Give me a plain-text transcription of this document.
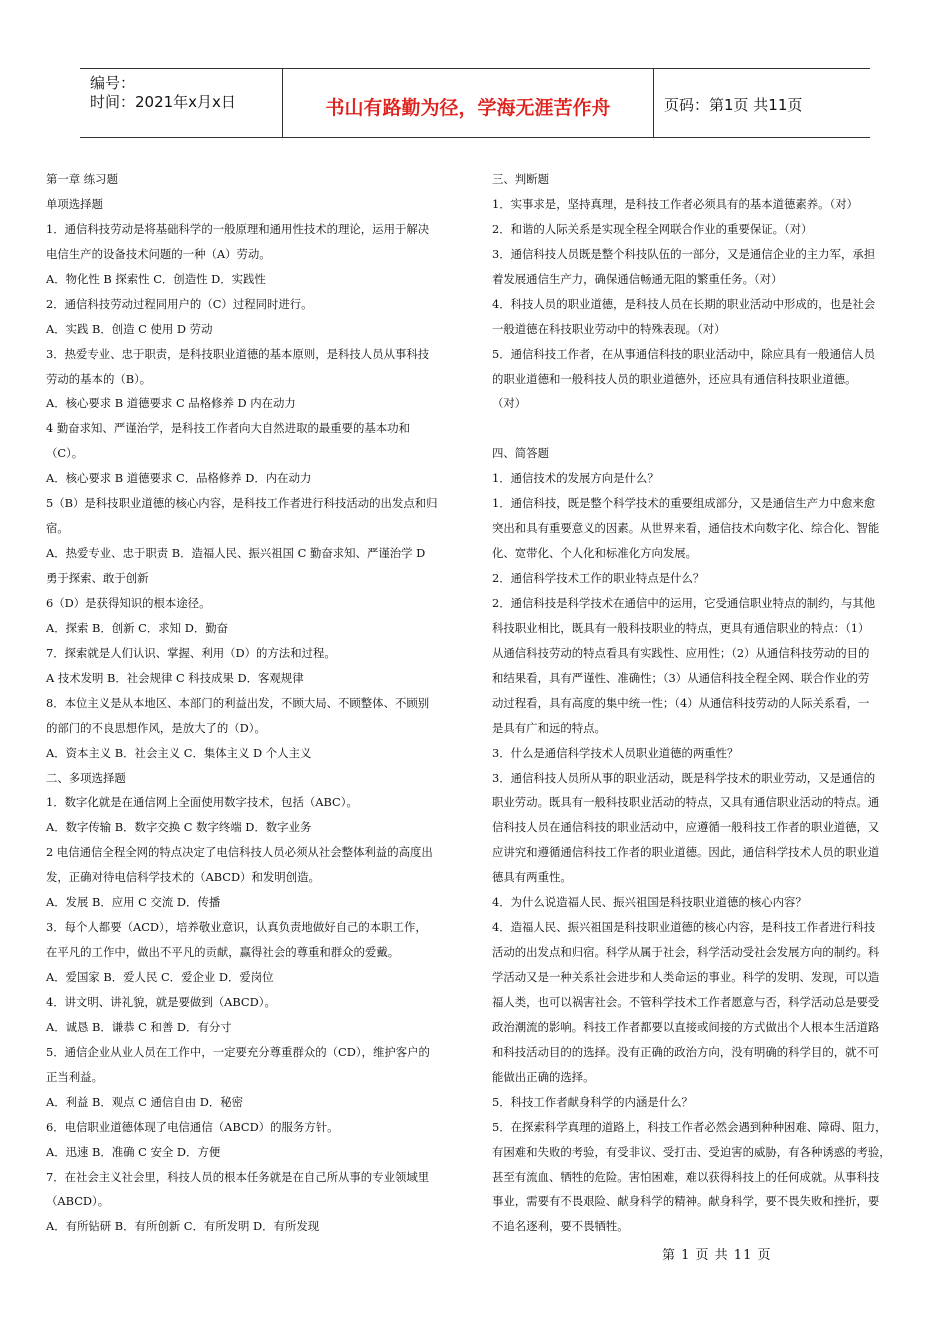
编号：
时间：2021年x月x日	书山有路勤为径，学海无涯苦作舟	页码：第1页 共11页
第一章 练习题
单项选择题
1．通信科技劳动是将基础科学的一般原理和通用性技术的理论，运用于解决
电信生产的设备技术问题的一种（A）劳动。
A．物化性 B 探索性 C．创造性 D．实践性
2．通信科技劳动过程同用户的（C）过程同时进行。
A．实践 B．创造 C 使用 D 劳动
3．热爱专业、忠于职责，是科技职业道德的基本原则，是科技人员从事科技
劳动的基本的（B）。
A．核心要求 B 道德要求 C 品格修养 D 内在动力
4 勤奋求知、严谨治学，是科技工作者向大自然进取的最重要的基本功和
（C）。
A．核心要求 B 道德要求 C．品格修养 D．内在动力
5（B）是科技职业道德的核心内容，是科技工作者进行科技活动的出发点和归
宿。
A．热爱专业、忠于职责 B．造福人民、振兴祖国 C 勤奋求知、严谨治学 D
勇于探索、敢于创新
6（D）是获得知识的根本途径。
A．探索 B．创新 C．求知 D．勤奋
7．探索就是人们认识、掌握、利用（D）的方法和过程。
A 技术发明 B．社会规律 C 科技成果 D．客观规律
8．本位主义是从本地区、本部门的利益出发，不顾大局、不顾整体、不顾别
的部门的不良思想作风，是放大了的（D）。
A．资本主义 B．社会主义 C．集体主义 D 个人主义
二、多项选择题
1．数字化就是在通信网上全面使用数字技术，包括（ABC）。
A．数字传输 B．数字交换 C 数字终端 D．数字业务
2 电信通信全程全网的特点决定了电信科技人员必须从社会整体利益的高度出
发，正确对待电信科学技术的（ABCD）和发明创造。
A．发展 B．应用 C 交流 D．传播
3．每个人都要（ACD），培养敬业意识，认真负责地做好自己的本职工作，
在平凡的工作中，做出不平凡的贡献，赢得社会的尊重和群众的爱戴。
A．爱国家 B．爱人民 C．爱企业 D．爱岗位
4．讲文明、讲礼貌，就是要做到（ABCD）。
A．诚恳 B．谦恭 C 和善 D．有分寸
5．通信企业从业人员在工作中，一定要充分尊重群众的（CD），维护客户的
正当利益。
A．利益 B．观点 C 通信自由 D．秘密
6．电信职业道德体现了电信通信（ABCD）的服务方针。
A．迅速 B．准确 C 安全 D．方便
7．在社会主义社会里，科技人员的根本任务就是在自己所从事的专业领域里
（ABCD）。
A．有所钻研 B．有所创新 C．有所发明 D．有所发现
三、判断题
1．实事求是，坚持真理，是科技工作者必须具有的基本道德素养。（对）
2．和谐的人际关系是实现全程全网联合作业的重要保证。（对）
3．通信科技人员既是整个科技队伍的一部分，又是通信企业的主力军，承担
着发展通信生产力，确保通信畅通无阻的繁重任务。（对）
4．科技人员的职业道德，是科技人员在长期的职业活动中形成的，也是社会
一般道德在科技职业劳动中的特殊表现。（对）
5．通信科技工作者，在从事通信科技的职业活动中，除应具有一般通信人员
的职业道德和一般科技人员的职业道德外，还应具有通信科技职业道德。
（对）
四、简答题
1．通信技术的发展方向是什么？
1．通信科技，既是整个科学技术的重要组成部分，又是通信生产力中愈来愈
突出和具有重要意义的因素。从世界来看，通信技术向数字化、综合化、智能
化、宽带化、个人化和标准化方向发展。
2．通信科学技术工作的职业特点是什么？
2．通信科技是科学技术在通信中的运用，它受通信职业特点的制约，与其他
科技职业相比，既具有一般科技职业的特点，更具有通信职业的特点：（1）
从通信科技劳动的特点看具有实践性、应用性；（2）从通信科技劳动的目的
和结果看，具有严谨性、准确性；（3）从通信科技全程全网、联合作业的劳
动过程看，具有高度的集中统一性；（4）从通信科技劳动的人际关系看，一
是具有广和远的特点。
3．什么是通信科学技术人员职业道德的两重性？
3．通信科技人员所从事的职业活动，既是科学技术的职业劳动，又是通信的
职业劳动。既具有一般科技职业活动的特点，又具有通信职业活动的特点。通
信科技人员在通信科技的职业活动中，应遵循一般科技工作者的职业道德，又
应讲究和遵循通信科技工作者的职业道德。因此，通信科学技术人员的职业道
德具有两重性。
4．为什么说造福人民、振兴祖国是科技职业道德的核心内容？
4．造福人民、振兴祖国是科技职业道德的核心内容，是科技工作者进行科技
活动的出发点和归宿。科学从属于社会，科学活动受社会发展方向的制约。科
学活动又是一种关系社会进步和人类命运的事业。科学的发明、发现，可以造
福人类，也可以祸害社会。不管科学技术工作者愿意与否，科学活动总是要受
政治潮流的影响。科技工作者都要以直接或间接的方式做出个人根本生活道路
和科技活动目的的选择。没有正确的政治方向，没有明确的科学目的，就不可
能做出正确的选择。
5．科技工作者献身科学的内涵是什么？
5．在探索科学真理的道路上，科技工作者必然会遇到种种困难、障碍、阻力，
有困难和失败的考验，有受非议、受打击、受迫害的威胁，有各种诱惑的考验，
甚至有流血、牺牲的危险。害怕困难，难以获得科技上的任何成就。从事科技
事业，需要有不畏艰险、献身科学的精神。献身科学，要不畏失败和挫折，要
不追名逐利，要不畏牺牲。
第 1 页 共 11 页
